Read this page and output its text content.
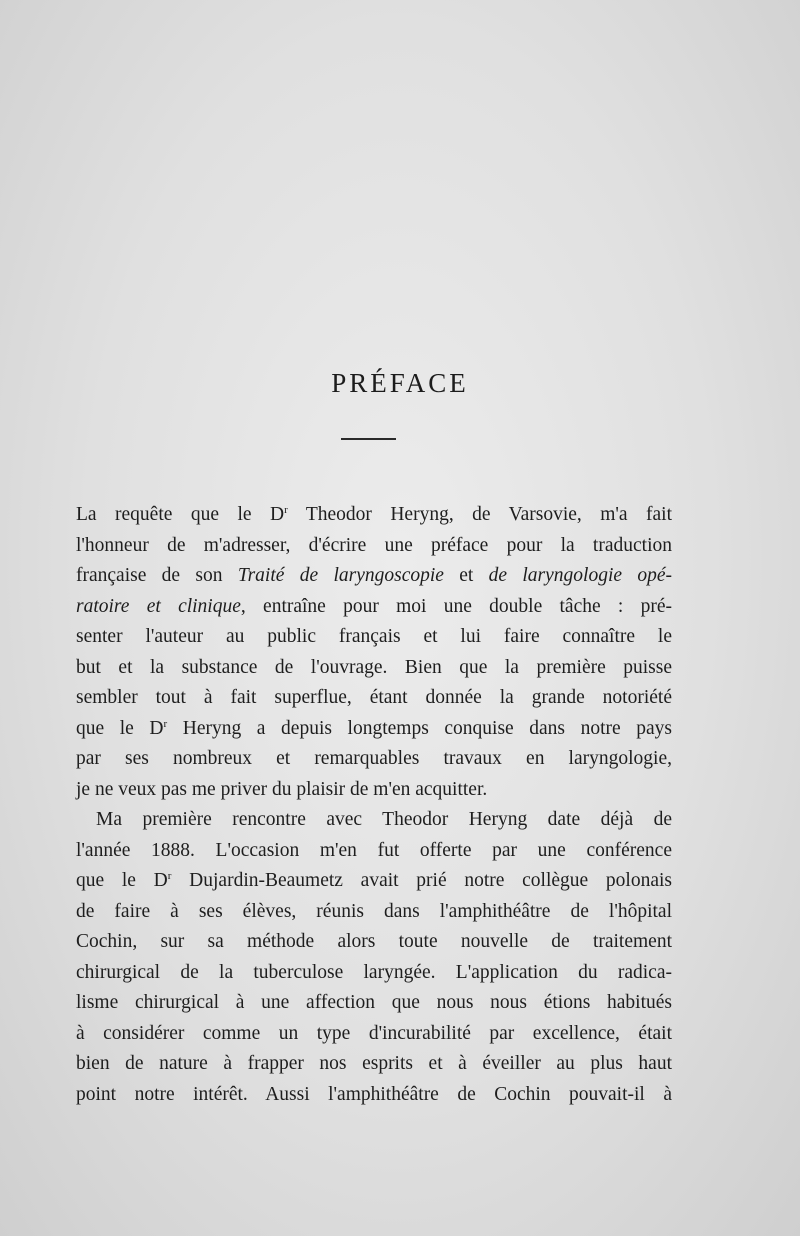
PRÉFACE
La requête que le $D^r$ Theodor Heryng, de Varsovie, m'a fait
l'honneur de m'adresser, d'écrire une préface pour la traduction
française de son Traité de laryngoscopie et de laryngologie opé-
ratoire et clinique, entraîne pour moi une double tâche : pré-
senter l'auteur au public français et lui faire connaître le
but et la substance de l'ouvrage. Bien que la première puisse
sembler tout à fait superflue, étant donnée la grande notoriété
que le $D^r$ Heryng a depuis longtemps conquise dans notre pays
par ses nombreux et remarquables travaux en laryngologie,
je ne veux pas me priver du plaisir de m'en acquitter.
Ma première rencontre avec Theodor Heryng date déjà de
l'année 1888. L'occasion m'en fut offerte par une conférence
que le $D^r$ Dujardin-Beaumetz avait prié notre collègue polonais
de faire à ses élèves, réunis dans l'amphithéâtre de l'hôpital
Cochin, sur sa méthode alors toute nouvelle de traitement
chirurgical de la tuberculose laryngée. L'application du radica-
lisme chirurgical à une affection que nous nous étions habitués
à considérer comme un type d'incurabilité par excellence, était
bien de nature à frapper nos esprits et à éveiller au plus haut
point notre intérêt. Aussi l'amphithéâtre de Cochin pouvait-il à
